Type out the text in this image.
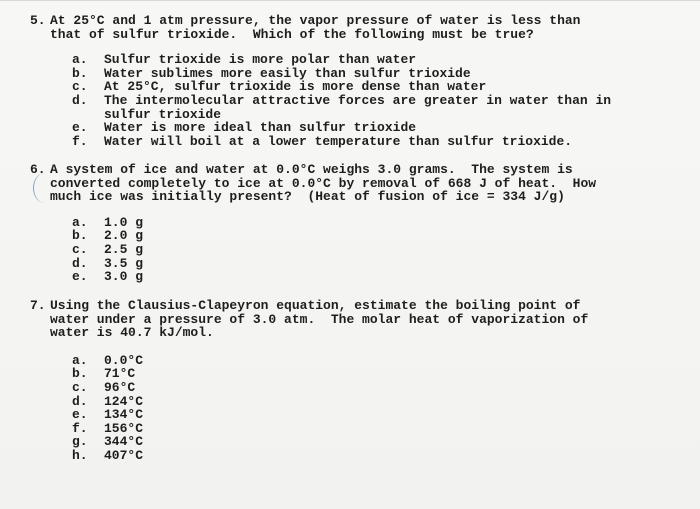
5. At 25°C and 1 atm pressure, the vapor pressure of water is less than
that of sulfur trioxide.  Which of the following must be true?
a.	Sulfur trioxide is more polar than water
b.	Water sublimes more easily than sulfur trioxide
c.	At 25°C, sulfur trioxide is more dense than water
d.	The intermolecular attractive forces are greater in water than in
sulfur trioxide
e.	Water is more ideal than sulfur trioxide
f.	Water will boil at a lower temperature than sulfur trioxide.
6. A system of ice and water at 0.0°C weighs 3.0 grams.  The system is
converted completely to ice at 0.0°C by removal of 668 J of heat.  How
much ice was initially present?  (Heat of fusion of ice = 334 J/g)
a.	1.0 g
b.	2.0 g
c.	2.5 g
d.	3.5 g
e.	3.0 g
7. Using the Clausius-Clapeyron equation, estimate the boiling point of
water under a pressure of 3.0 atm.  The molar heat of vaporization of
water is 40.7 kJ/mol.
a.	0.0°C
b.	71°C
c.	96°C
d.	124°C
e.	134°C
f.	156°C
g.	344°C
h.	407°C
